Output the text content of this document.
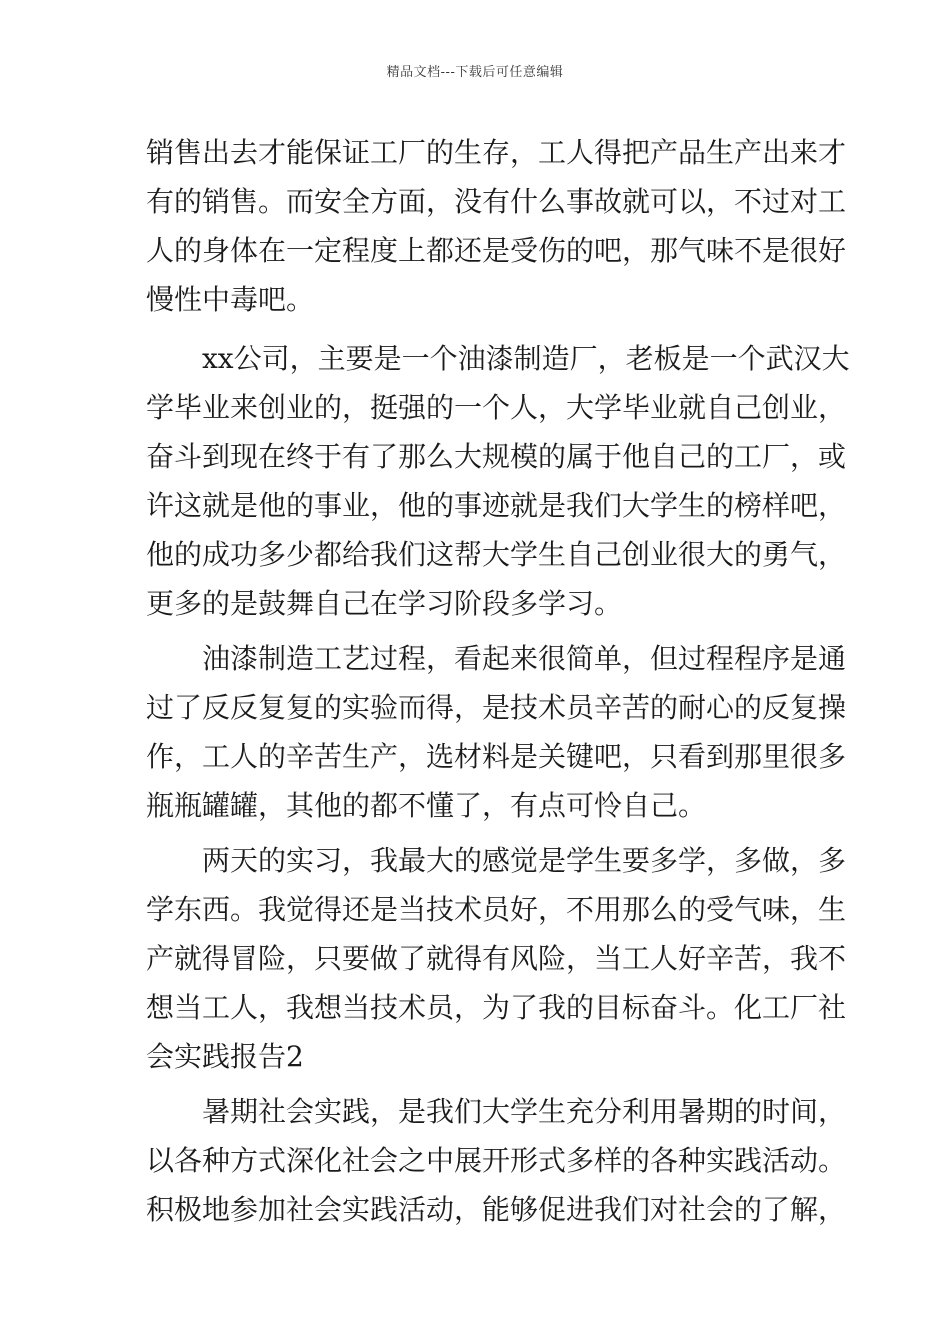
精品文档---下载后可任意编辑
销售出去才能保证工厂的生存，工人得把产品生产出来才
有的销售。而安全方面，没有什么事故就可以，不过对工
人的身体在一定程度上都还是受伤的吧，那气味不是很好
慢性中毒吧。
xx公司，主要是一个油漆制造厂，老板是一个武汉大
学毕业来创业的，挺强的一个人，大学毕业就自己创业，
奋斗到现在终于有了那么大规模的属于他自己的工厂，或
许这就是他的事业，他的事迹就是我们大学生的榜样吧，
他的成功多少都给我们这帮大学生自己创业很大的勇气，
更多的是鼓舞自己在学习阶段多学习。
油漆制造工艺过程，看起来很简单，但过程程序是通
过了反反复复的实验而得，是技术员辛苦的耐心的反复操
作，工人的辛苦生产，选材料是关键吧，只看到那里很多
瓶瓶罐罐，其他的都不懂了，有点可怜自己。
两天的实习，我最大的感觉是学生要多学，多做，多
学东西。我觉得还是当技术员好，不用那么的受气味，生
产就得冒险，只要做了就得有风险，当工人好辛苦，我不
想当工人，我想当技术员，为了我的目标奋斗。化工厂社
会实践报告2
暑期社会实践，是我们大学生充分利用暑期的时间，
以各种方式深化社会之中展开形式多样的各种实践活动。
积极地参加社会实践活动，能够促进我们对社会的了解，
